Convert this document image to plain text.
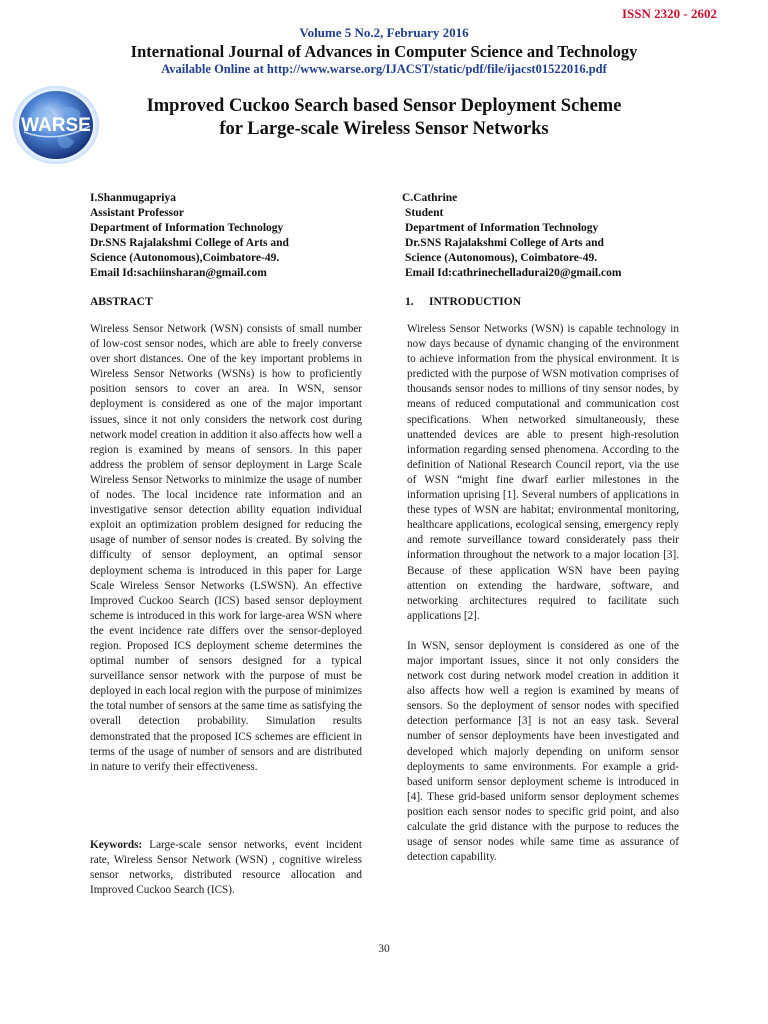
ISSN 2320 - 2602
Volume 5 No.2, February 2016
International Journal of Advances in Computer Science and Technology
Available Online at http://www.warse.org/IJACST/static/pdf/file/ijacst01522016.pdf
WARSE
Improved Cuckoo Search based Sensor Deployment Scheme
for Large-scale Wireless Sensor Networks
I.Shanmugapriya
Assistant Professor
Department of Information Technology
Dr.SNS Rajalakshmi College of Arts and
Science (Autonomous),Coimbatore-49.
Email Id:sachiinsharan@gmail.com
C.Cathrine
Student
Department of Information Technology
Dr.SNS Rajalakshmi College of Arts and
Science (Autonomous), Coimbatore-49.
Email Id:cathrinechelladurai20@gmail.com
ABSTRACT	1. INTRODUCTION

Wireless Sensor Network (WSN) consists of small number of low-cost sensor nodes, which are able to freely converse over short distances. One of the key important problems in Wireless Sensor Networks (WSNs) is how to proficiently position sensors to cover an area. In WSN, sensor deployment is considered as one of the major important issues, since it not only considers the network cost during network model creation in addition it also affects how well a region is examined by means of sensors. In this paper address the problem of sensor deployment in Large Scale Wireless Sensor Networks to minimize the usage of number of nodes. The local incidence rate information and an investigative sensor detection ability equation individual exploit an optimization problem designed for reducing the usage of number of sensor nodes is created. By solving the difficulty of sensor deployment, an optimal sensor deployment schema is introduced in this paper for Large Scale Wireless Sensor Networks (LSWSN). An effective Improved Cuckoo Search (ICS) based sensor deployment scheme is introduced in this work for large-area WSN where the event incidence rate differs over the sensor-deployed region. Proposed ICS deployment scheme determines the optimal number of sensors designed for a typical surveillance sensor network with the purpose of must be deployed in each local region with the purpose of minimizes the total number of sensors at the same time as satisfying the overall detection probability. Simulation results demonstrated that the proposed ICS schemes are efficient in terms of the usage of number of sensors and are distributed in nature to verify their effectiveness.

Keywords: Large-scale sensor networks, event incident rate, Wireless Sensor Network (WSN) , cognitive wireless sensor networks, distributed resource allocation and Improved Cuckoo Search (ICS).

Wireless Sensor Networks (WSN) is capable technology in now days because of dynamic changing of the environment to achieve information from the physical environment. It is predicted with the purpose of WSN motivation comprises of thousands sensor nodes to millions of tiny sensor nodes, by means of reduced computational and communication cost specifications. When networked simultaneously, these unattended devices are able to present high-resolution information regarding sensed phenomena. According to the definition of National Research Council report, via the use of WSN “might fine dwarf earlier milestones in the information uprising [1]. Several numbers of applications in these types of WSN are habitat; environmental monitoring, healthcare applications, ecological sensing, emergency reply and remote surveillance toward considerately pass their information throughout the network to a major location [3]. Because of these application WSN have been paying attention on extending the hardware, software, and networking architectures required to facilitate such applications [2].

In WSN, sensor deployment is considered as one of the major important issues, since it not only considers the network cost during network model creation in addition it also affects how well a region is examined by means of sensors. So the deployment of sensor nodes with specified detection performance [3] is not an easy task. Several number of sensor deployments have been investigated and developed which majorly depending on uniform sensor deployments to same environments. For example a grid-based uniform sensor deployment scheme is introduced in [4]. These grid-based uniform sensor deployment schemes position each sensor nodes to specific grid point, and also calculate the grid distance with the purpose to reduces the usage of sensor nodes while same time as assurance of detection capability.

30
